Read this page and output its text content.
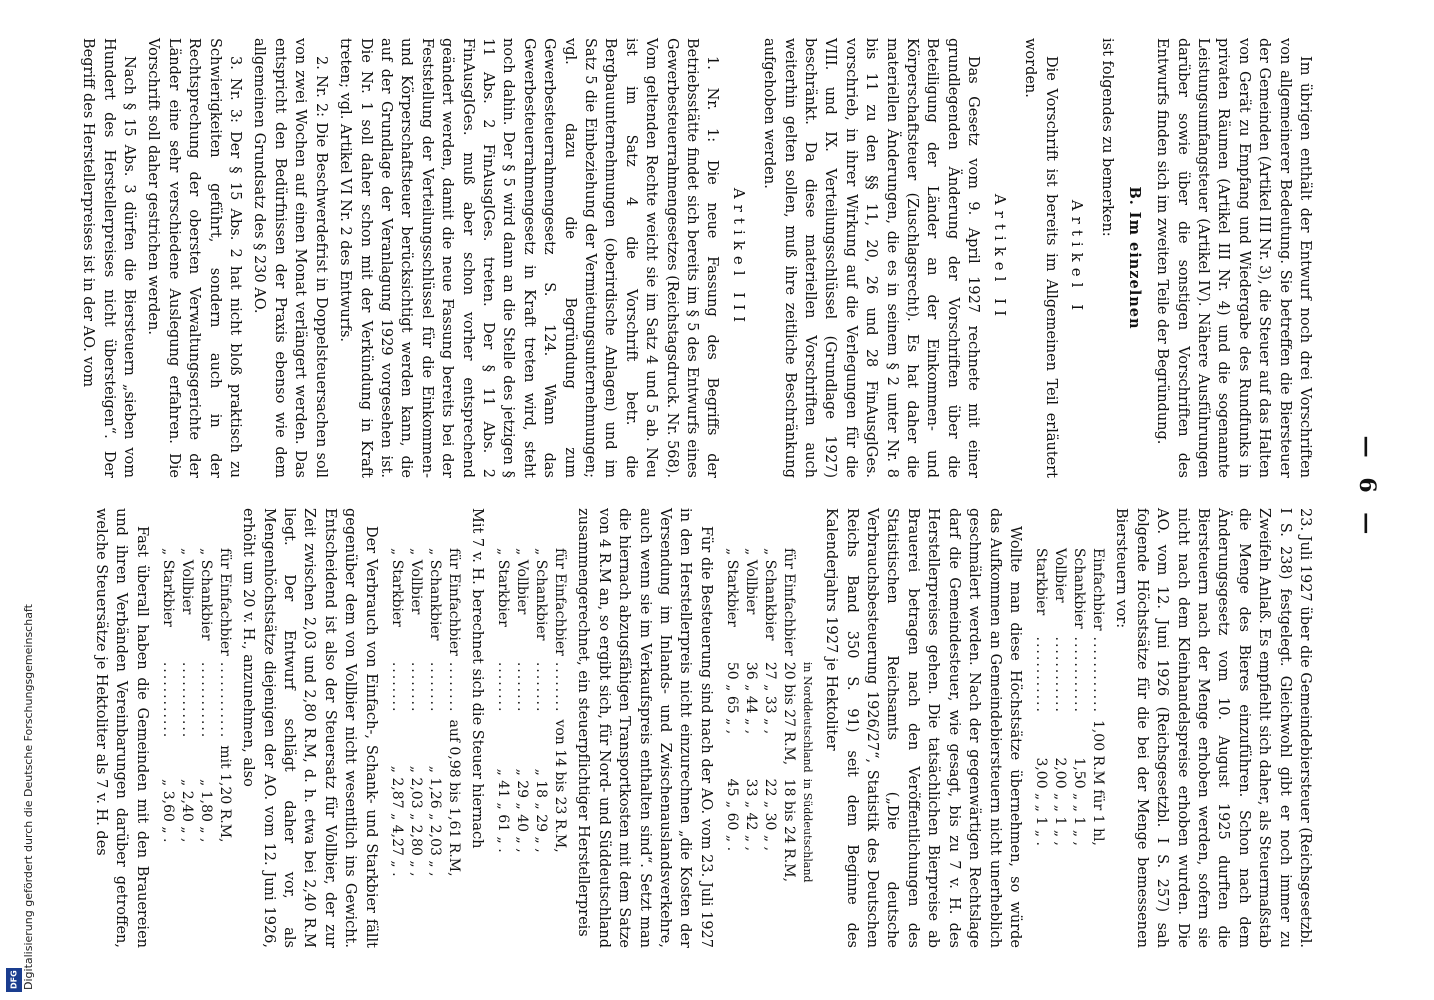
Digitalisierung gefördert durch die Deutsche Forschungsgemeinschaft
DFG
— 6 —

Im übrigen enthält der Entwurf noch drei Vorschriften von allgemeinerer Bedeutung. Sie betreffen die Biersteuer der Gemeinden (Artikel III Nr. 3), die Steuer auf das Halten von Gerät zu Empfang und Wiedergabe des Rundfunks in privaten Räumen (Artikel III Nr. 4) und die sogenannte Leistungsumfangsteuer (Artikel IV). Nähere Ausführungen darüber sowie über die sonstigen Vorschriften des Entwurfs finden sich im zweiten Teile der Begründung.

B. Im einzelnen

ist folgendes zu bemerken:

Artikel I

Die Vorschrift ist bereits im Allgemeinen Teil erläutert worden.

Artikel II

Das Gesetz vom 9. April 1927 rechnete mit einer grundlegenden Änderung der Vorschriften über die Beteiligung der Länder an der Einkommen- und Körperschaftsteuer (Zuschlagsrecht). Es hat daher die materiellen Änderungen, die es in seinem § 2 unter Nr. 8 bis 11 zu den §§ 11, 20, 26 und 28 FinAusglGes. vorschrieb, in ihrer Wirkung auf die Verlegungen für die VIII. und IX. Verteilungsschlüssel (Grundlage 1927) beschränkt. Da diese materiellen Vorschriften auch weiterhin gelten sollen, muß ihre zeitliche Beschränkung aufgehoben werden.

Artikel III

1. Nr. 1: Die neue Fassung des Begriffs der Betriebsstätte findet sich bereits im § 5 des Entwurfs eines Gewerbesteuerrahmengesetzes (Reichstagsdruck. Nr. 568). Vom geltenden Rechte weicht sie im Satz 4 und 5 ab. Neu ist im Satz 4 die Vorschrift betr. die Bergbauunternehmungen (oberirdische Anlagen) und im Satz 5 die Einbeziehung der Vermietungsunternehmungen; vgl. dazu die Begründung zum Gewerbesteuerrahmengesetz S. 124. Wann das Gewerbesteuerrahmengesetz in Kraft treten wird, steht noch dahin. Der § 5 wird dann an die Stelle des jetzigen § 11 Abs. 2 FinAusglGes. treten. Der § 11 Abs. 2 FinAusglGes. muß aber schon vorher entsprechend geändert werden, damit die neue Fassung bereits bei der Feststellung der Verteilungsschlüssel für die Einkommen- und Körperschaftsteuer berücksichtigt werden kann, die auf der Grundlage der Veranlagung 1929 vorgesehen ist. Die Nr. 1 soll daher schon mit der Verkündung in Kraft treten; vgl. Artikel VI Nr. 2 des Entwurfs.

2. Nr. 2: Die Beschwerdefrist in Doppelsteuersachen soll von zwei Wochen auf einen Monat verlängert werden. Das entspricht den Bedürfnissen der Praxis ebenso wie dem allgemeinen Grundsatz des § 230 AO.

3. Nr. 3: Der § 15 Abs. 2 hat nicht bloß praktisch zu Schwierigkeiten geführt, sondern auch in der Rechtsprechung der obersten Verwaltungsgerichte der Länder eine sehr verschiedene Auslegung erfahren. Die Vorschrift soll daher gestrichen werden.

Nach § 15 Abs. 3 dürfen die Biersteuern „sieben vom Hundert des Herstellerpreises nicht übersteigen“. Der Begriff des Herstellerpreises ist in der AO. vom

23. Juli 1927 über die Gemeindebiersteuer (Reichsgesetzbl. I S. 238) festgelegt. Gleichwohl gibt er noch immer zu Zweifeln Anlaß. Es empfiehlt sich daher, als Steuermaßstab die Menge des Bieres einzuführen. Schon nach dem Änderungsgesetz vom 10. August 1925 durften die Biersteuern nach der Menge erhoben werden, sofern sie nicht nach dem Kleinhandelspreise erhoben wurden. Die AO. vom 12. Juni 1926 (Reichsgesetzbl. I S. 257) sah folgende Höchstsätze für die bei der Menge bemessenen Biersteuern vor:

Einfachbier	............	1,00 R.M für 1 hl,
Schankbier	............	1,50 „ „ 1 „ ,
Vollbier	............	2,00 „ „ 1 „ ,
Starkbier	............	3,00 „ „ 1 „ .

Wollte man diese Höchstsätze übernehmen, so würde das Aufkommen an Gemeindebiersteuern nicht unerheblich geschmälert werden. Nach der gegenwärtigen Rechtslage darf die Gemeindesteuer, wie gesagt, bis zu 7 v. H. des Herstellerpreises gehen. Die tatsächlichen Bierpreise ab Brauerei betragen nach den Veröffentlichungen des Statistischen Reichsamts („Die deutsche Verbrauchsbesteuerung 1926/27“, Statistik des Deutschen Reichs Band 350 S. 91) seit dem Beginne des Kalenderjahrs 1927 je Hektoliter

	in Norddeutschland	in Süddeutschland
für Einfachbier	20 bis 27 R.M,	18 bis 24 R.M,
„ Schankbier	27 „ 33 „ ,	22 „ 30 „ ,
„ Vollbier	36 „ 44 „ ,	33 „ 42 „ ,
„ Starkbier	50 „ 65 „ ,	45 „ 60 „ .

Für die Besteuerung sind nach der AO. vom 23. Juli 1927 in den Herstellerpreis nicht einzurechnen „die Kosten der Versendung im Inlands- und Zwischenauslandsverkehre, auch wenn sie im Verkaufspreis enthalten sind“. Setzt man die hiernach abzugsfähigen Transportkosten mit dem Satze von 4 R.M an, so ergibt sich, für Nord- und Süddeutschland zusammengerechnet, ein steuerpflichtiger Herstellerpreis

für Einfachbier	........	von 14 bis 23 R.M,
„ Schankbier	........	„ 18 „ 29 „ ,
„ Vollbier	........	„ 29 „ 40 „ ,
„ Starkbier	........	„ 41 „ 61 „ .

Mit 7 v. H. berechnet sich die Steuer hiernach

für Einfachbier	........	auf 0,98 bis 1,61 R.M,
„ Schankbier	........	„ 1,26 „ 2,03 „ ,
„ Vollbier	........	„ 2,03 „ 2,80 „ ,
„ Starkbier	........	„ 2,87 „ 4,27 „ .

Der Verbrauch von Einfach-, Schank- und Starkbier fällt gegenüber dem von Vollbier nicht wesentlich ins Gewicht. Entscheidend ist also der Steuersatz für Vollbier, der zur Zeit zwischen 2,03 und 2,80 R.M, d. h. etwa bei 2,40 R.M liegt. Der Entwurf schlägt daher vor, als Mengenhöchstsätze diejenigen der AO. vom 12. Juni 1926, erhöht um 20 v. H., anzunehmen, also

für Einfachbier	............	mit 1,20 R.M,
„ Schankbier	............	„ 1,80 „ ,
„ Vollbier	............	„ 2,40 „ ,
„ Starkbier	............	„ 3,60 „ .

Fast überall haben die Gemeinden mit den Brauereien und ihren Verbänden Vereinbarungen darüber getroffen, welche Steuersätze je Hektoliter als 7 v. H. des
